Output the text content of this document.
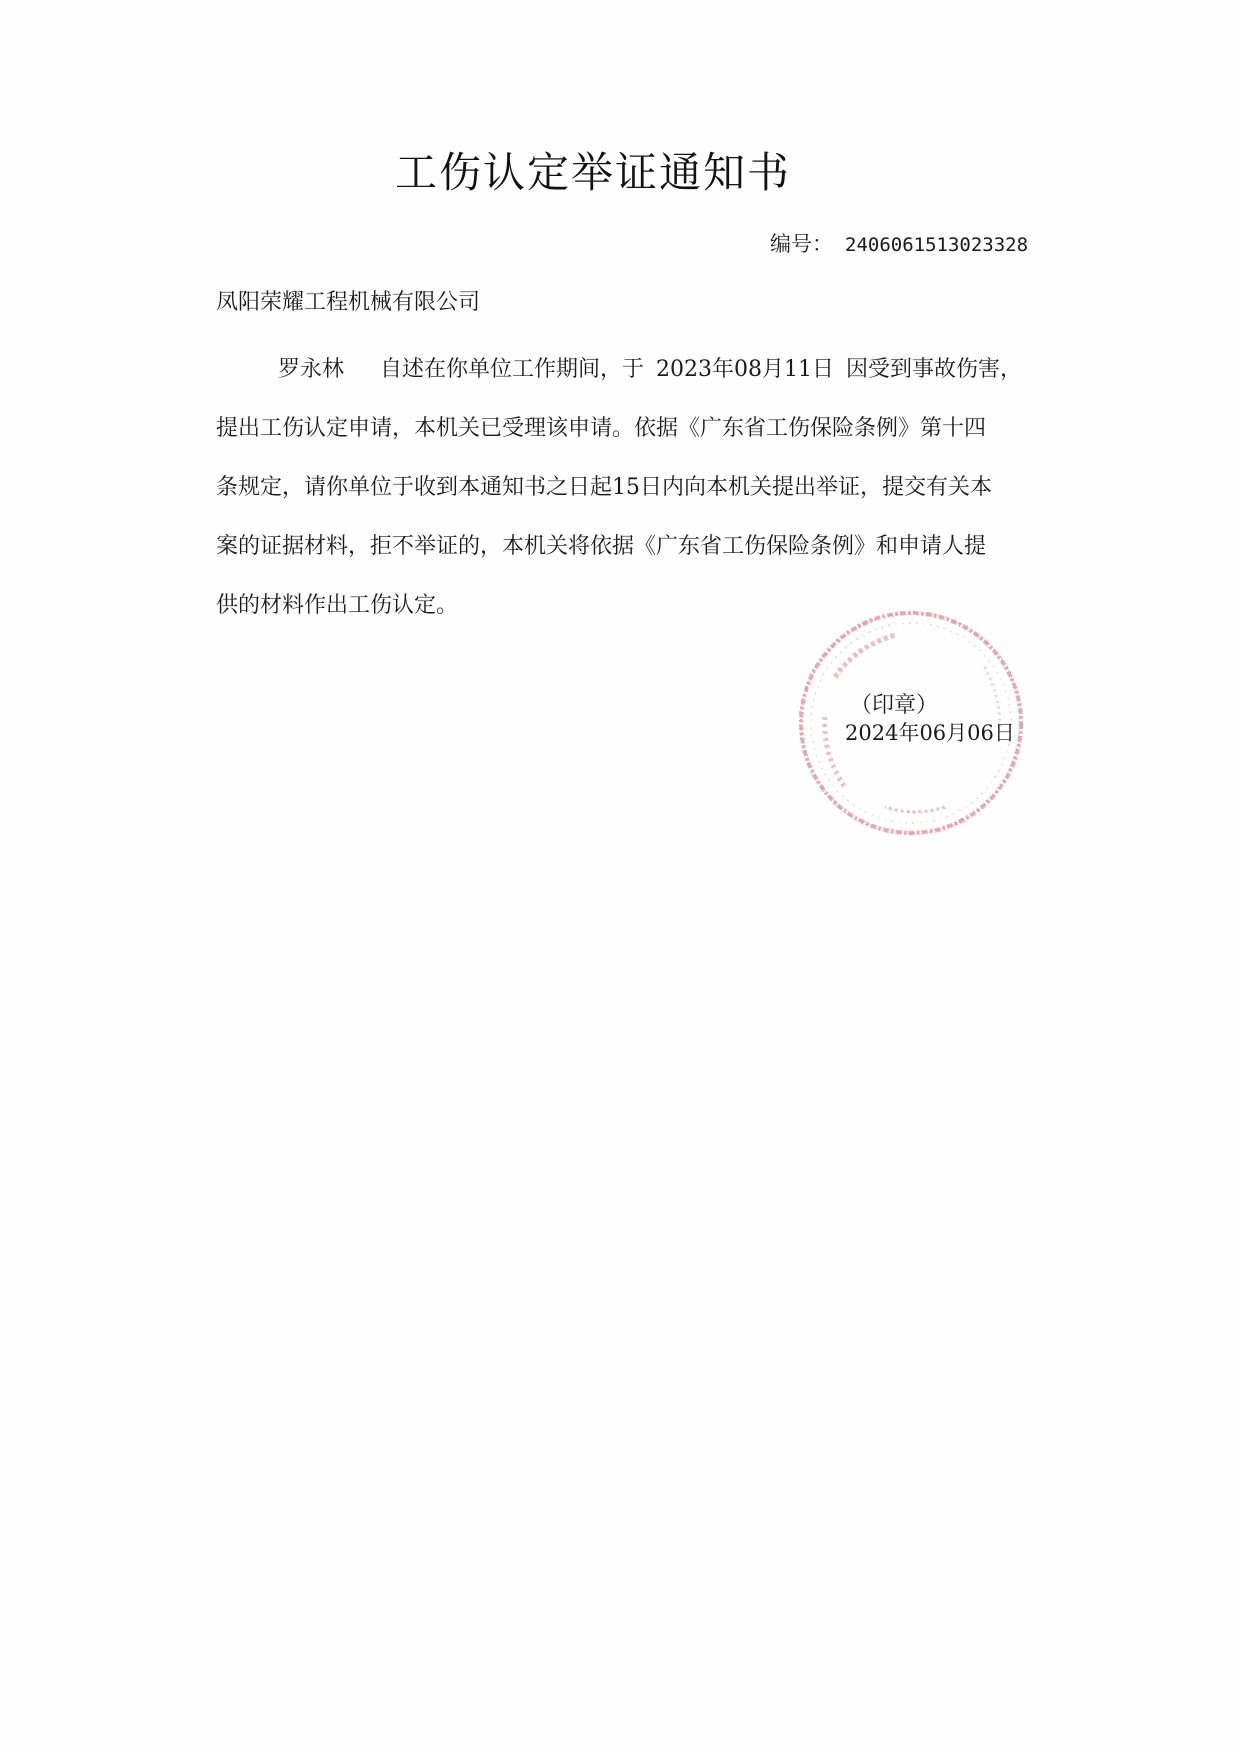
工伤认定举证通知书
编号： 2406061513023328
凤阳荣耀工程机械有限公司

罗永林 自述在你单位工作期间，于 2023年08月11日 因受到事故伤害，

提出工伤认定申请，本机关已受理该申请。依据《广东省工伤保险条例》第十四

条规定，请你单位于收到本通知书之日起15日内向本机关提出举证，提交有关本

案的证据材料，拒不举证的，本机关将依据《广东省工伤保险条例》和申请人提

供的材料作出工伤认定。

（印章）
2024年06月06日
